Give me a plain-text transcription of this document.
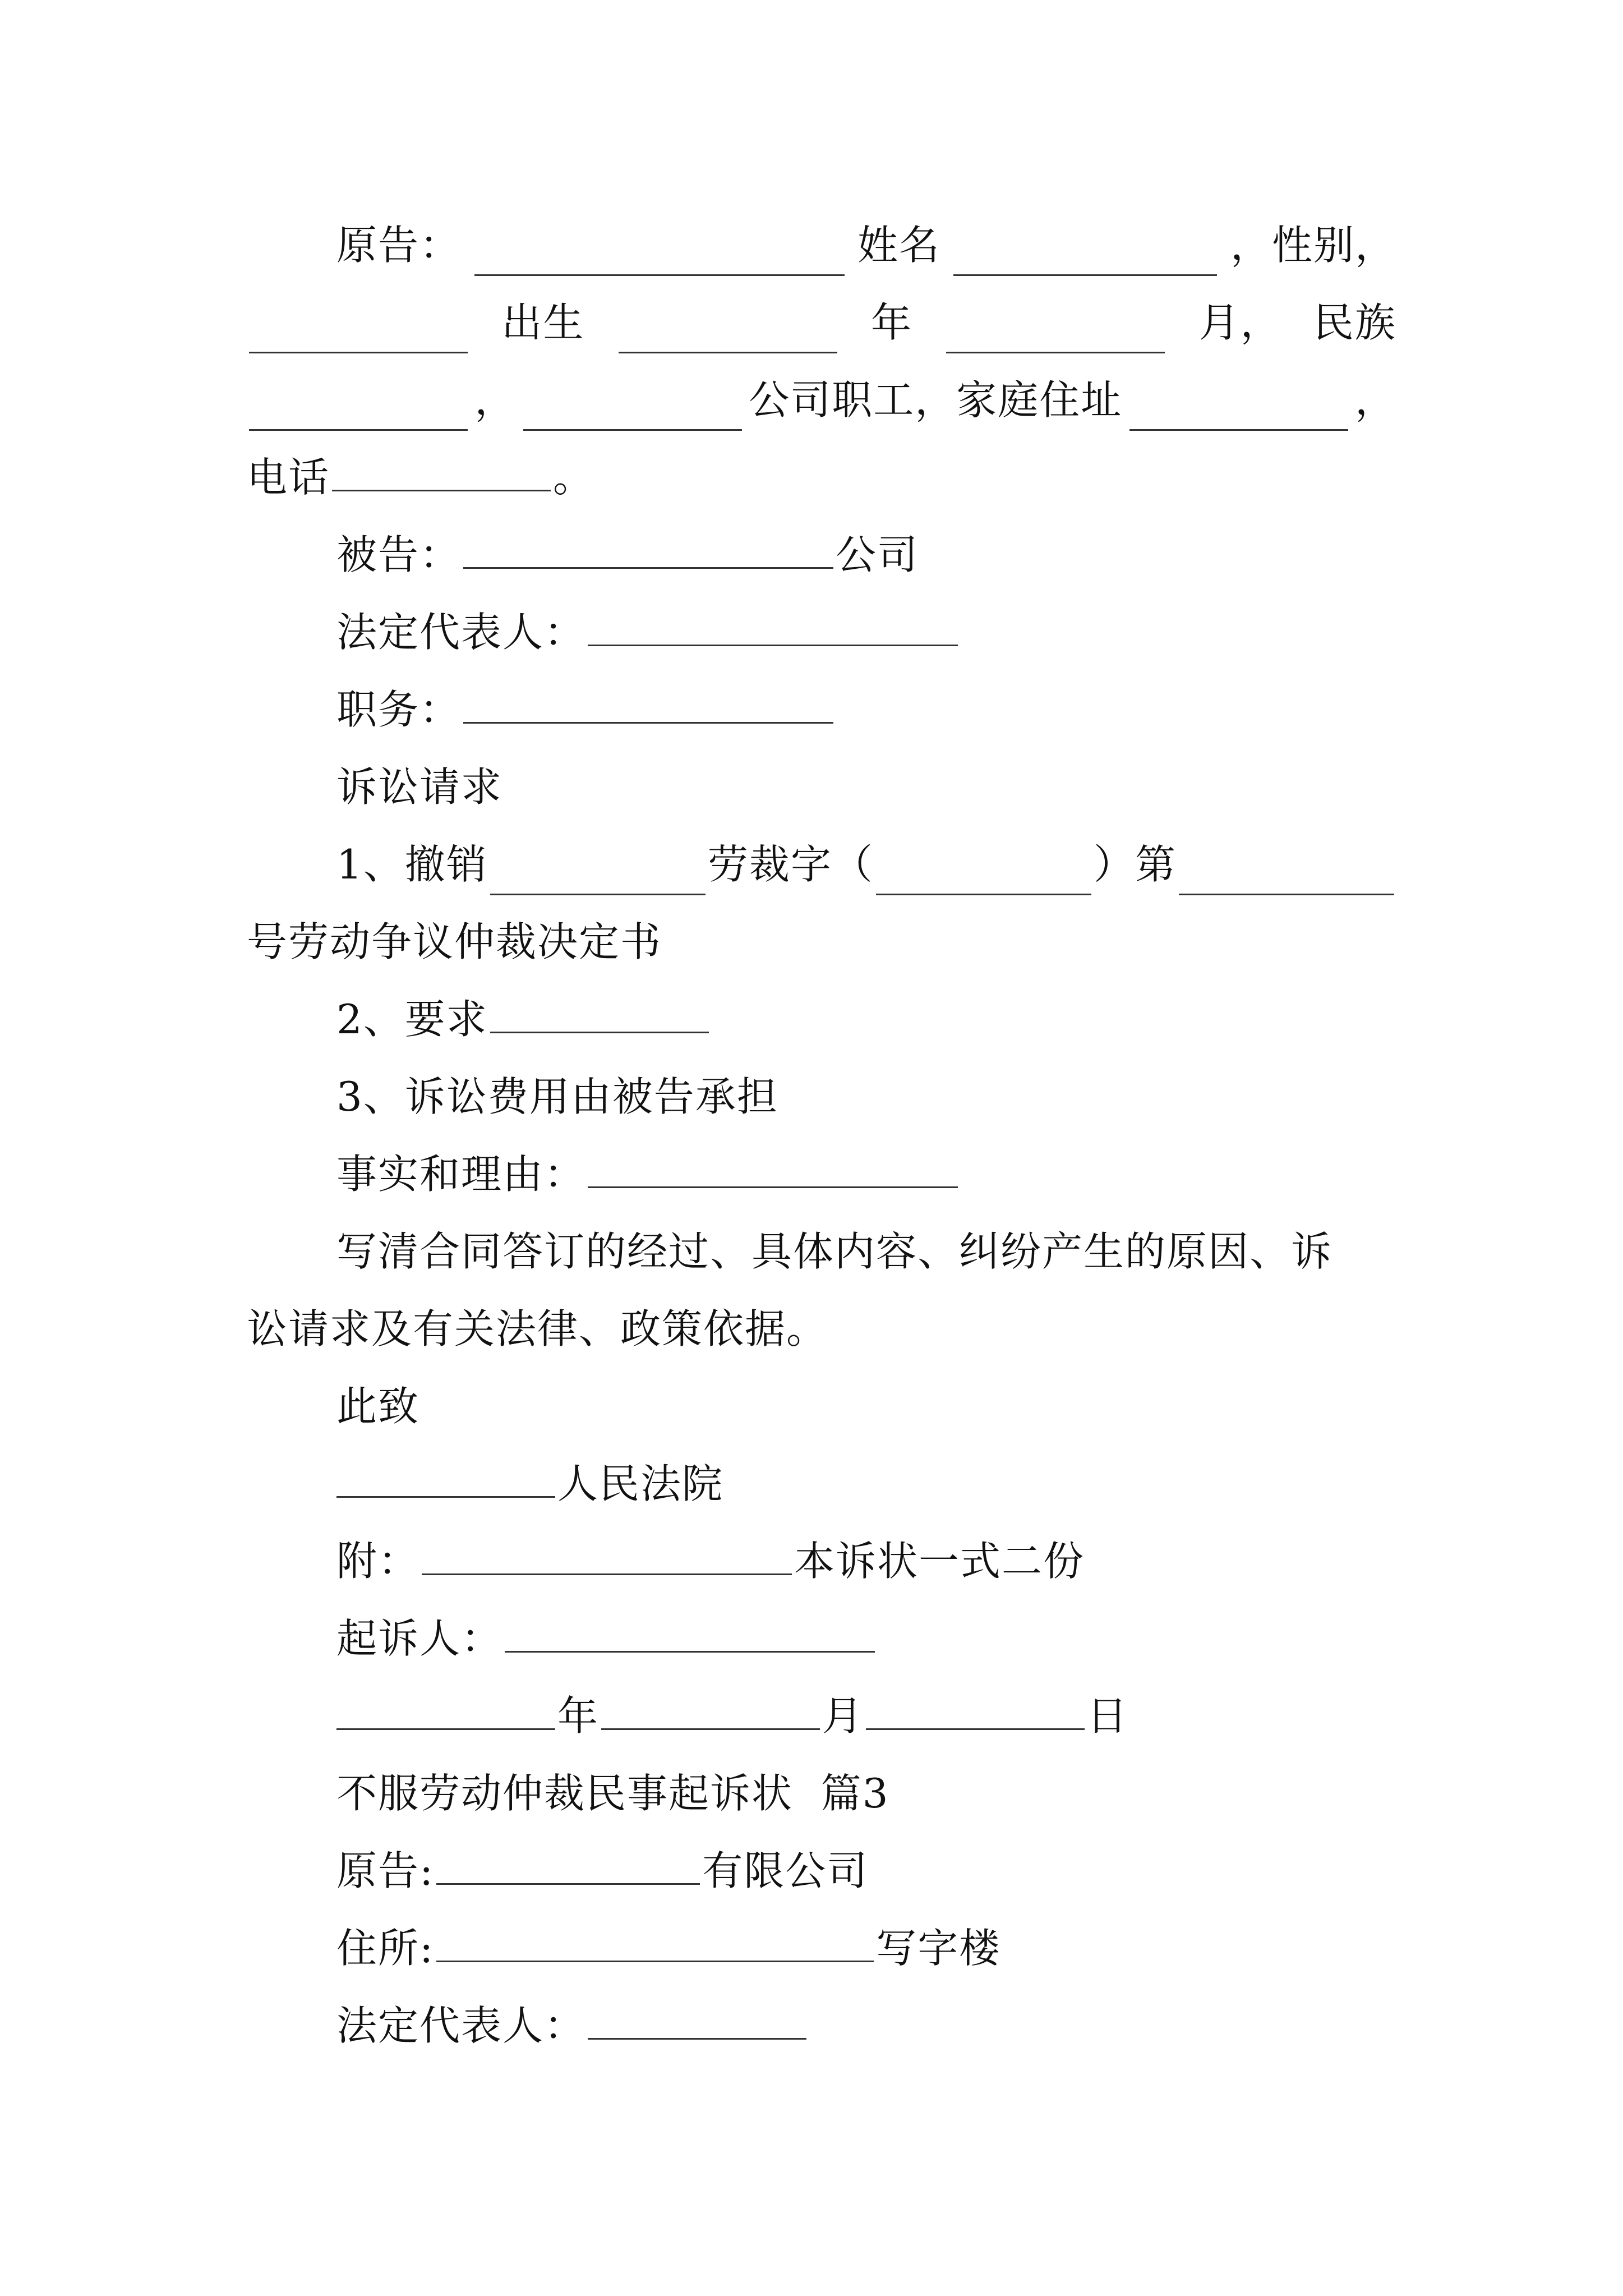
原告：	姓名	，性别，
出生	年	月， 民族
，	公司职工，家庭住址	，
电话	。
被告：	公司
法定代表人：
职务：
诉讼请求
1、撤销	劳裁字（	）第
号劳动争议仲裁决定书
2、要求
3、诉讼费用由被告承担
事实和理由：
写清合同答订的经过、具体内容、纠纷产生的原因、诉
讼请求及有关法律、政策依据。
此致
人民法院
附：	本诉状一式二份
起诉人：
年	月	日
不服劳动仲裁民事起诉状  篇3
原告:	有限公司
住所:	写字楼
法定代表人：
